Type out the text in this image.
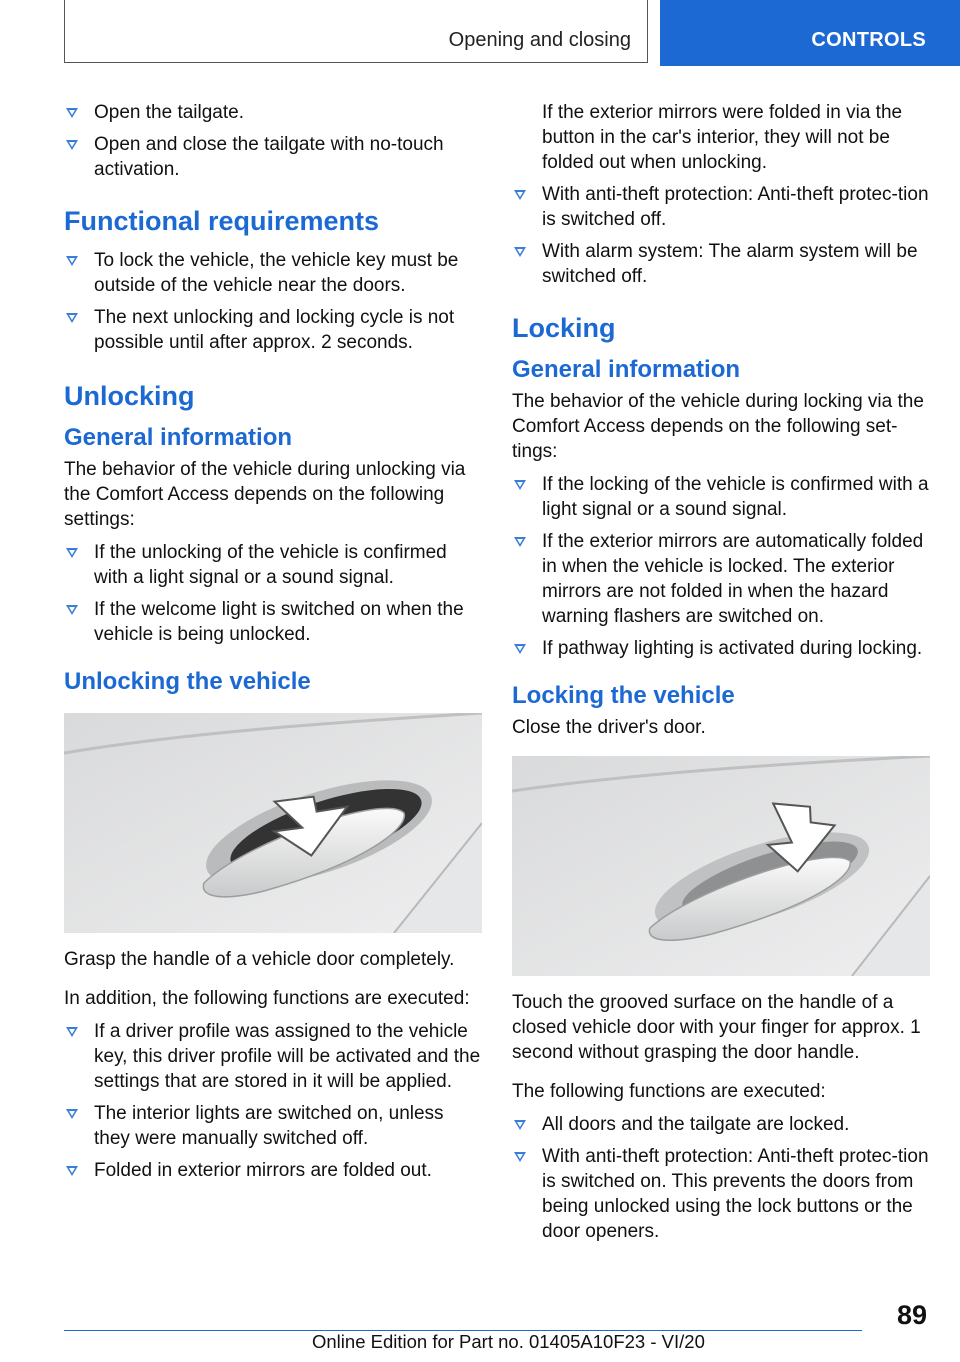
Opening and closing	CONTROLS
Open the tailgate.
Open and close the tailgate with no-touch activation.
Functional requirements
To lock the vehicle, the vehicle key must be outside of the vehicle near the doors.
The next unlocking and locking cycle is not possible until after approx. 2 seconds.
Unlocking
General information

The behavior of the vehicle during unlocking via the Comfort Access depends on the following settings:

If the unlocking of the vehicle is confirmed with a light signal or a sound signal.
If the welcome light is switched on when the vehicle is being unlocked.
Unlocking the vehicle

Grasp the handle of a vehicle door completely.

In addition, the following functions are executed:

If a driver profile was assigned to the vehicle key, this driver profile will be activated and the settings that are stored in it will be applied.
The interior lights are switched on, unless they were manually switched off.
Folded in exterior mirrors are folded out.

If the exterior mirrors were folded in via the button in the car's interior, they will not be folded out when unlocking.

With anti-theft protection: Anti-theft protec-tion is switched off.
With alarm system: The alarm system will be switched off.
Locking
General information

The behavior of the vehicle during locking via the Comfort Access depends on the following set-tings:

If the locking of the vehicle is confirmed with a light signal or a sound signal.
If the exterior mirrors are automatically folded in when the vehicle is locked. The exterior mirrors are not folded in when the hazard warning flashers are switched on.
If pathway lighting is activated during locking.
Locking the vehicle

Close the driver's door.

Touch the grooved surface on the handle of a closed vehicle door with your finger for approx. 1 second without grasping the door handle.

The following functions are executed:

All doors and the tailgate are locked.
With anti-theft protection: Anti-theft protec-tion is switched on. This prevents the doors from being unlocked using the lock buttons or the door openers.
89
Online Edition for Part no. 01405A10F23 - VI/20
